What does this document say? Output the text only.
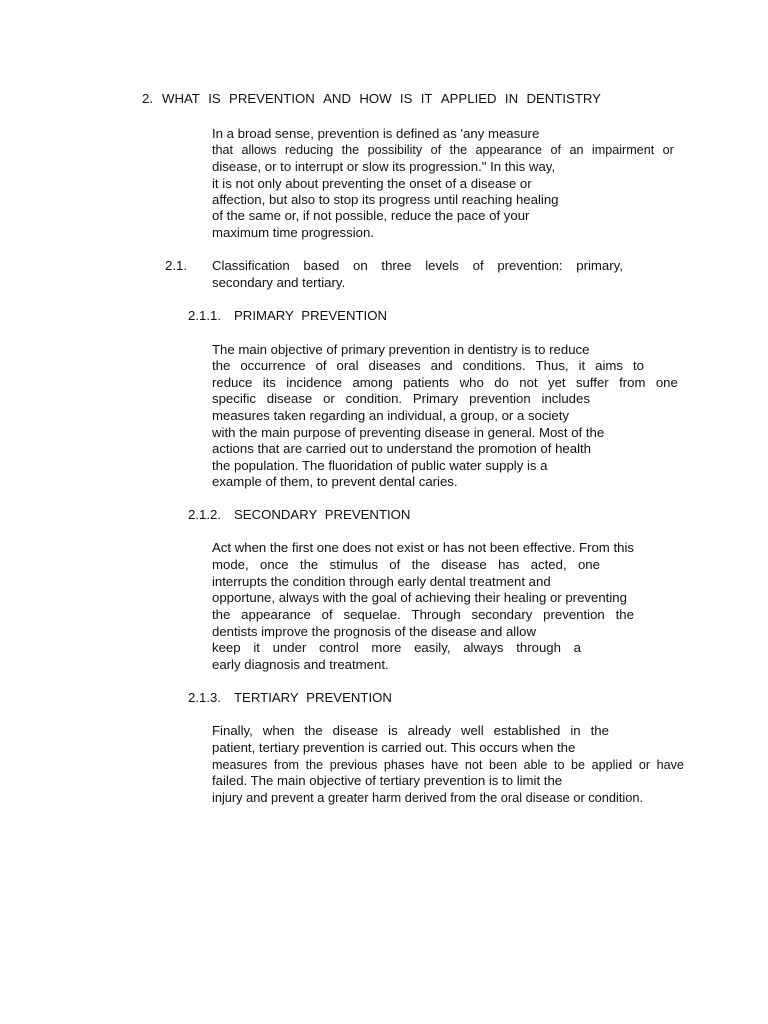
2. WHAT IS PREVENTION AND HOW IS IT APPLIED IN DENTISTRY
In a broad sense, prevention is defined as 'any measure
that allows reducing the possibility of the appearance of an impairment or
disease, or to interrupt or slow its progression." In this way,
it is not only about preventing the onset of a disease or
affection, but also to stop its progress until reaching healing
of the same or, if not possible, reduce the pace of your
maximum time progression.
2.1. Classification based on three levels of prevention: primary,
secondary and tertiary.
2.1.1. PRIMARY PREVENTION
The main objective of primary prevention in dentistry is to reduce
the occurrence of oral diseases and conditions. Thus, it aims to
reduce its incidence among patients who do not yet suffer from one
specific disease or condition. Primary prevention includes
measures taken regarding an individual, a group, or a society
with the main purpose of preventing disease in general. Most of the
actions that are carried out to understand the promotion of health
the population. The fluoridation of public water supply is a
example of them, to prevent dental caries.
2.1.2. SECONDARY PREVENTION
Act when the first one does not exist or has not been effective. From this
mode, once the stimulus of the disease has acted, one
interrupts the condition through early dental treatment and
opportune, always with the goal of achieving their healing or preventing
the appearance of sequelae. Through secondary prevention the
dentists improve the prognosis of the disease and allow
keep it under control more easily, always through a
early diagnosis and treatment.
2.1.3. TERTIARY PREVENTION
Finally, when the disease is already well established in the
patient, tertiary prevention is carried out. This occurs when the
measures from the previous phases have not been able to be applied or have
failed. The main objective of tertiary prevention is to limit the
injury and prevent a greater harm derived from the oral disease or condition.
